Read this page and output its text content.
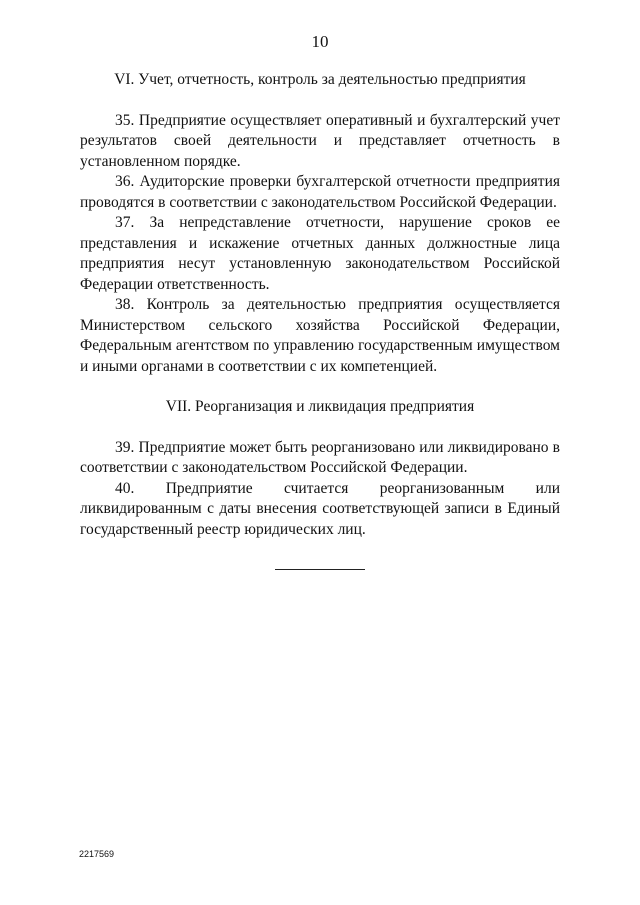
10

VI. Учет, отчетность, контроль за деятельностью предприятия

35. Предприятие осуществляет оперативный и бухгалтерский учет результатов своей деятельности и представляет отчетность в установленном порядке.

36. Аудиторские проверки бухгалтерской отчетности предприятия проводятся в соответствии с законодательством Российской Федерации.

37. За непредставление отчетности, нарушение сроков ее представления и искажение отчетных данных должностные лица предприятия несут установленную законодательством Российской Федерации ответственность.

38. Контроль за деятельностью предприятия осуществляется Министерством сельского хозяйства Российской Федерации, Федеральным агентством по управлению государственным имуществом и иными органами в соответствии с их компетенцией.

VII. Реорганизация и ликвидация предприятия

39. Предприятие может быть реорганизовано или ликвидировано в соответствии с законодательством Российской Федерации.

40. Предприятие считается реорганизованным или ликвидированным с даты внесения соответствующей записи в Единый государственный реестр юридических лиц.

2217569
